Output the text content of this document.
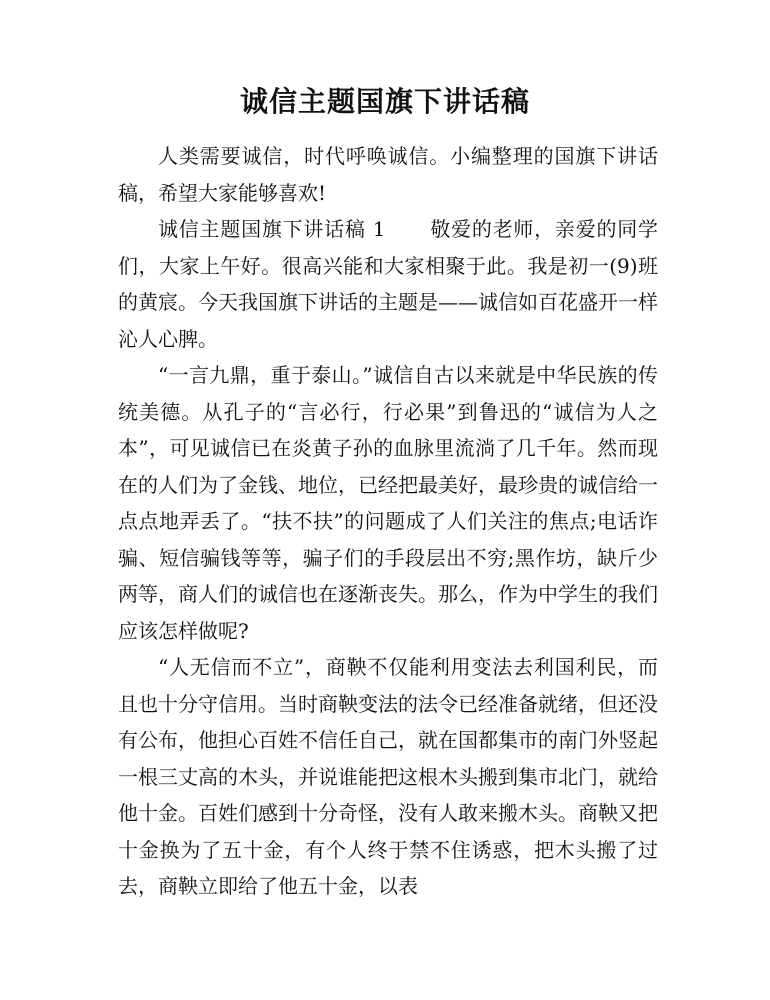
诚信主题国旗下讲话稿

人类需要诚信，时代呼唤诚信。小编整理的国旗下讲话稿，希望大家能够喜欢!

诚信主题国旗下讲话稿 1 敬爱的老师，亲爱的同学们，大家上午好。很高兴能和大家相聚于此。我是初一(9)班的黄宸。今天我国旗下讲话的主题是——诚信如百花盛开一样沁人心脾。

“一言九鼎，重于泰山。”诚信自古以来就是中华民族的传统美德。从孔子的“言必行，行必果”到鲁迅的“诚信为人之本”，可见诚信已在炎黄子孙的血脉里流淌了几千年。然而现在的人们为了金钱、地位，已经把最美好，最珍贵的诚信给一点点地弄丢了。“扶不扶”的问题成了人们关注的焦点;电话诈骗、短信骗钱等等，骗子们的手段层出不穷;黑作坊，缺斤少两等，商人们的诚信也在逐渐丧失。那么，作为中学生的我们应该怎样做呢?

“人无信而不立”，商鞅不仅能利用变法去利国利民，而且也十分守信用。当时商鞅变法的法令已经准备就绪，但还没有公布，他担心百姓不信任自己，就在国都集市的南门外竖起一根三丈高的木头，并说谁能把这根木头搬到集市北门，就给他十金。百姓们感到十分奇怪，没有人敢来搬木头。商鞅又把十金换为了五十金，有个人终于禁不住诱惑，把木头搬了过去，商鞅立即给了他五十金，以表
